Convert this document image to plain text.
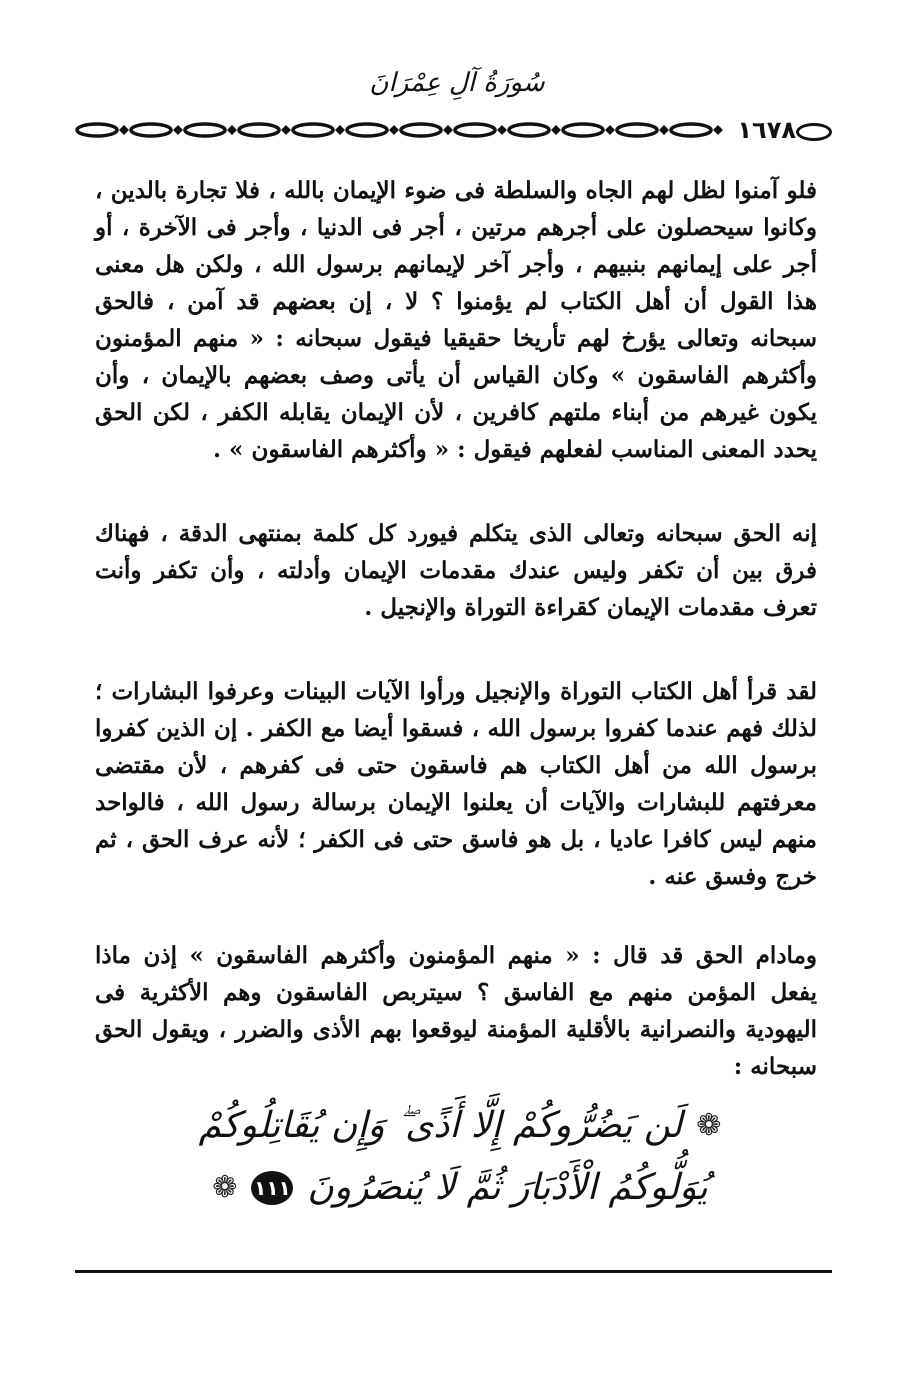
سُورَةُ آلِ عِمْرَانَ
١٦٧٨

فلو آمنوا لظل لهم الجاه والسلطة فى ضوء الإيمان بالله ، فلا تجارة بالدين ، وكانوا سيحصلون على أجرهم مرتين ، أجر فى الدنيا ، وأجر فى الآخرة ، أو أجر على إيمانهم بنبيهم ، وأجر آخر لإيمانهم برسول الله ، ولكن هل معنى هذا القول أن أهل الكتاب لم يؤمنوا ؟ لا ، إن بعضهم قد آمن ، فالحق سبحانه وتعالى يؤرخ لهم تأريخا حقيقيا فيقول سبحانه : « منهم المؤمنون وأكثرهم الفاسقون » وكان القياس أن يأتى وصف بعضهم بالإيمان ، وأن يكون غيرهم من أبناء ملتهم كافرين ، لأن الإيمان يقابله الكفر ، لكن الحق يحدد المعنى المناسب لفعلهم فيقول : « وأكثرهم الفاسقون » .

إنه الحق سبحانه وتعالى الذى يتكلم فيورد كل كلمة بمنتهى الدقة ، فهناك فرق بين أن تكفر وليس عندك مقدمات الإيمان وأدلته ، وأن تكفر وأنت تعرف مقدمات الإيمان كقراءة التوراة والإنجيل .

لقد قرأ أهل الكتاب التوراة والإنجيل ورأوا الآيات البينات وعرفوا البشارات ؛ لذلك فهم عندما كفروا برسول الله ، فسقوا أيضا مع الكفر . إن الذين كفروا برسول الله من أهل الكتاب هم فاسقون حتى فى كفرهم ، لأن مقتضى معرفتهم للبشارات والآيات أن يعلنوا الإيمان برسالة رسول الله ، فالواحد منهم ليس كافرا عاديا ، بل هو فاسق حتى فى الكفر ؛ لأنه عرف الحق ، ثم خرج وفسق عنه .

ومادام الحق قد قال : « منهم المؤمنون وأكثرهم الفاسقون » إذن ماذا يفعل المؤمن منهم مع الفاسق ؟ سيتربص الفاسقون وهم الأكثرية فى اليهودية والنصرانية بالأقلية المؤمنة ليوقعوا بهم الأذى والضرر ، ويقول الحق سبحانه :

❁
لَن يَضُرُّوكُمْ إِلَّا أَذًى ۖ وَإِن يُقَاتِلُوكُمْ
يُوَلُّوكُمُ الْأَدْبَارَ ثُمَّ لَا يُنصَرُونَ
١١١
❁
